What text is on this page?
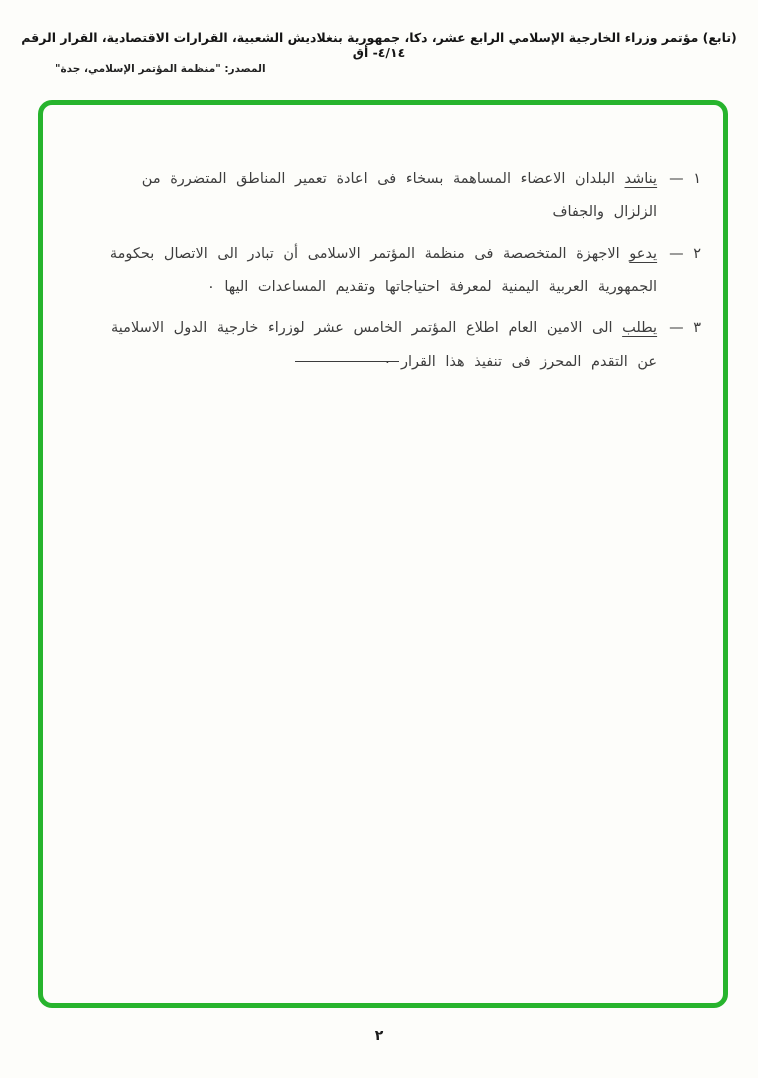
(تابع) مؤتمر وزراء الخارجية الإسلامي الرابع عشر، دكا، جمهورية بنغلاديش الشعبية، القرارات الاقتصادية، القرار الرقم ٤/١٤- أق
المصدر: "منظمة المؤتمر الإسلامي، جدة"
١ —
يناشد البلدان الاعضاء المساهمة بسخاء فى اعادة تعمير المناطق المتضررة من الزلزال والجفاف
٢ —
يدعو الاجهزة المتخصصة فى منظمة المؤتمر الاسلامى أن تبادر الى الاتصال بحكومة الجمهورية العربية اليمنية لمعرفة احتياجاتها وتقديم المساعدات اليها ٠
٣ —
يطلب الى الامين العام اطلاع المؤتمر الخامس عشر لوزراء خارجية الدول الاسلامية عن التقدم المحرز فى تنفيذ هذا القرار ٠
٢
